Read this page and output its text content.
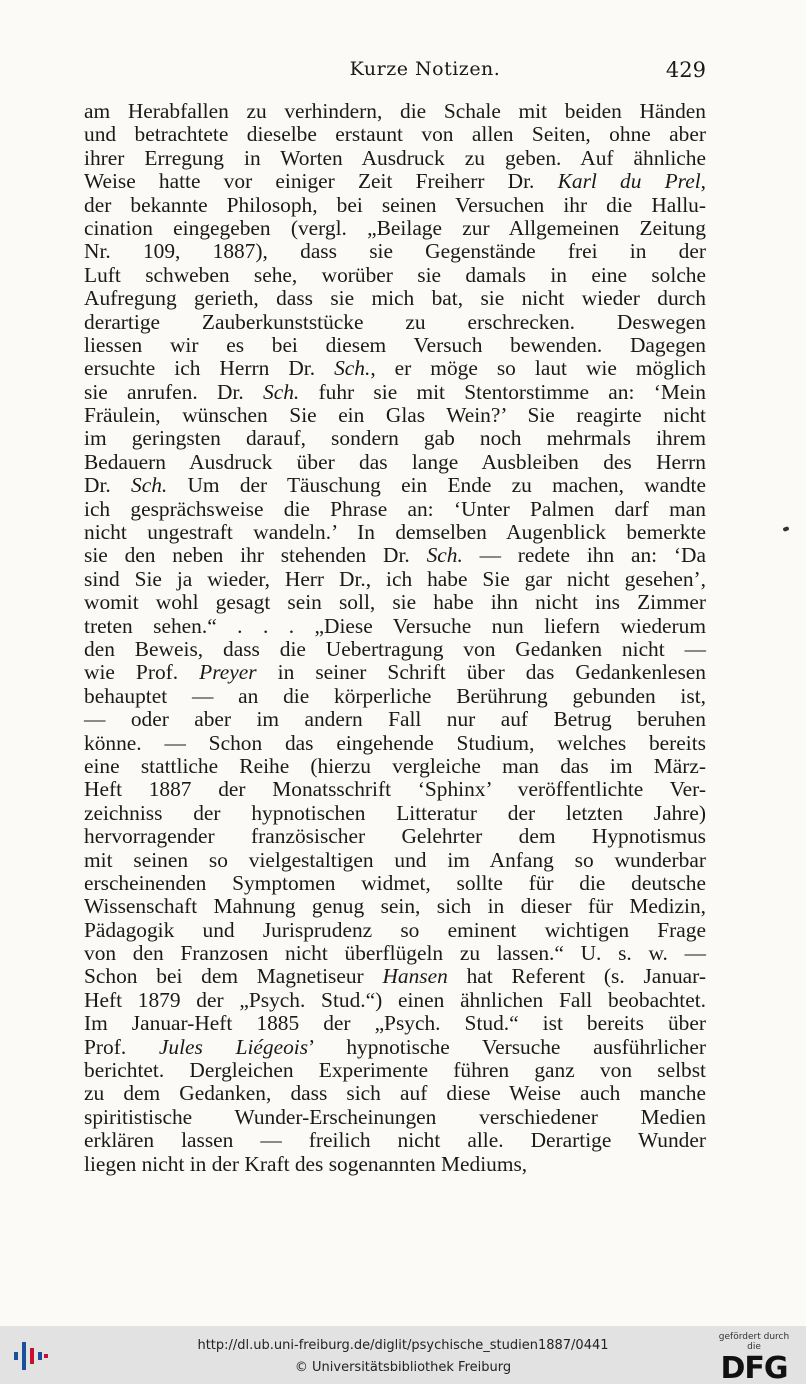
Kurze Notizen.	429
am Herabfallen zu verhindern, die Schale mit beiden Händen
und betrachtete dieselbe erstaunt von allen Seiten, ohne aber
ihrer Erregung in Worten Ausdruck zu geben. Auf ähnliche
Weise hatte vor einiger Zeit Freiherr Dr. Karl du Prel,
der bekannte Philosoph, bei seinen Versuchen ihr die Hallu-
cination eingegeben (vergl. „Beilage zur Allgemeinen Zeitung
Nr. 109, 1887), dass sie Gegenstände frei in der
Luft schweben sehe, worüber sie damals in eine solche
Aufregung gerieth, dass sie mich bat, sie nicht wieder durch
derartige Zauberkunststücke zu erschrecken. Deswegen
liessen wir es bei diesem Versuch bewenden. Dagegen
ersuchte ich Herrn Dr. Sch., er möge so laut wie möglich
sie anrufen. Dr. Sch. fuhr sie mit Stentorstimme an: ‘Mein
Fräulein, wünschen Sie ein Glas Wein?’ Sie reagirte nicht
im geringsten darauf, sondern gab noch mehrmals ihrem
Bedauern Ausdruck über das lange Ausbleiben des Herrn
Dr. Sch. Um der Täuschung ein Ende zu machen, wandte
ich gesprächsweise die Phrase an: ‘Unter Palmen darf man
nicht ungestraft wandeln.’ In demselben Augenblick bemerkte
sie den neben ihr stehenden Dr. Sch. — redete ihn an: ‘Da
sind Sie ja wieder, Herr Dr., ich habe Sie gar nicht gesehen’,
womit wohl gesagt sein soll, sie habe ihn nicht ins Zimmer
treten sehen.“ . . . „Diese Versuche nun liefern wiederum
den Beweis, dass die Uebertragung von Gedanken nicht —
wie Prof. Preyer in seiner Schrift über das Gedankenlesen
behauptet — an die körperliche Berührung gebunden ist,
— oder aber im andern Fall nur auf Betrug beruhen
könne. — Schon das eingehende Studium, welches bereits
eine stattliche Reihe (hierzu vergleiche man das im März-
Heft 1887 der Monatsschrift ‘Sphinx’ veröffentlichte Ver-
zeichniss der hypnotischen Litteratur der letzten Jahre)
hervorragender französischer Gelehrter dem Hypnotismus
mit seinen so vielgestaltigen und im Anfang so wunderbar
erscheinenden Symptomen widmet, sollte für die deutsche
Wissenschaft Mahnung genug sein, sich in dieser für Medizin,
Pädagogik und Jurisprudenz so eminent wichtigen Frage
von den Franzosen nicht überflügeln zu lassen.“ U. s. w. —
Schon bei dem Magnetiseur Hansen hat Referent (s. Januar-
Heft 1879 der „Psych. Stud.“) einen ähnlichen Fall beobachtet.
Im Januar-Heft 1885 der „Psych. Stud.“ ist bereits über
Prof. Jules Liégeois’ hypnotische Versuche ausführlicher
berichtet. Dergleichen Experimente führen ganz von selbst
zu dem Gedanken, dass sich auf diese Weise auch manche
spiritistische Wunder-Erscheinungen verschiedener Medien
erklären lassen — freilich nicht alle. Derartige Wunder
liegen nicht in der Kraft des sogenannten Mediums,
http://dl.ub.uni-freiburg.de/diglit/psychische_studien1887/0441
© Universitätsbibliothek Freiburg
gefördert durch die
DFG
